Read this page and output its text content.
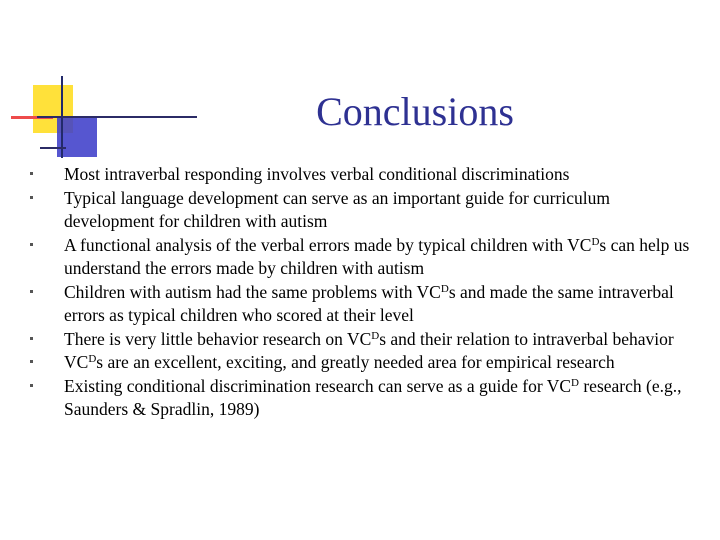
Conclusions
Most intraverbal responding involves verbal conditional discriminations
Typical language development can serve as an important guide for curriculum development for children with autism
A functional analysis of the verbal errors made by typical children with $VC^Ds$ can help us understand the errors made by children with autism
Children with autism had the same problems with $VC^Ds$ and made the same intraverbal errors as typical children who scored at their level
There is very little behavior research on $VC^Ds$ and their relation to intraverbal behavior
$VC^Ds$ are an excellent, exciting, and greatly needed area for empirical research
Existing conditional discrimination research can serve as a guide for $VC^D$ research (e.g., Saunders & Spradlin, 1989)
